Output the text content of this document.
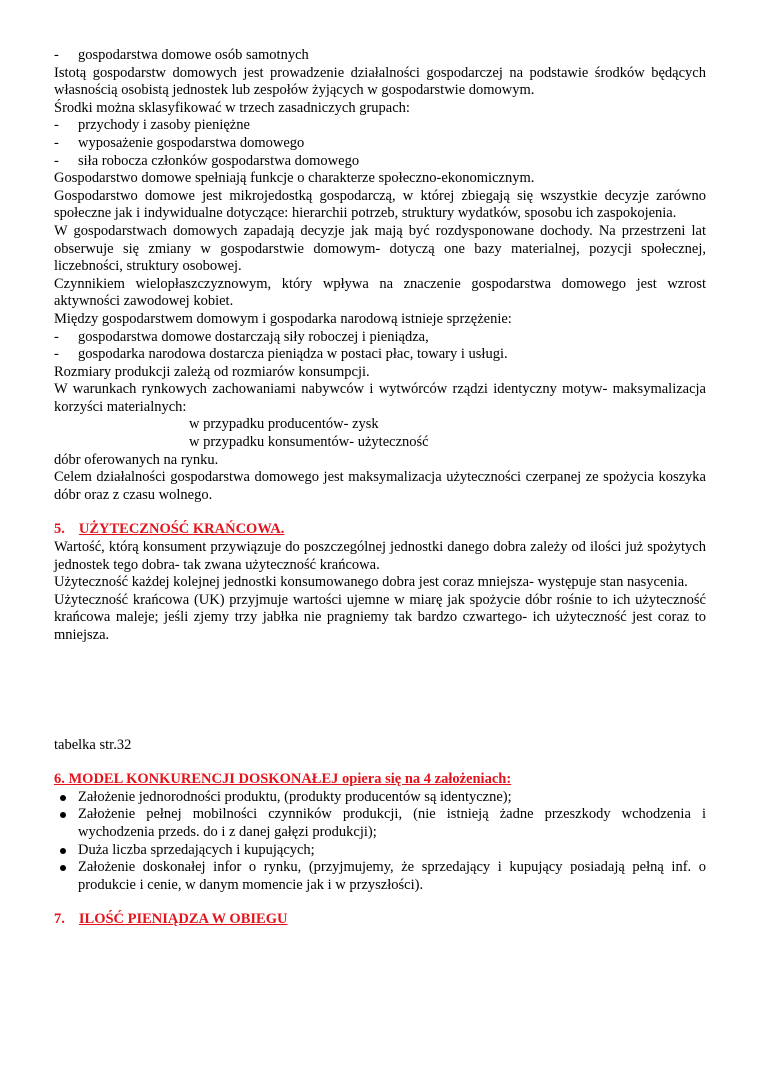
- gospodarstwa domowe osób samotnych

Istotą gospodarstw domowych jest prowadzenie działalności gospodarczej na podstawie środków będących własnością osobistą jednostek lub zespołów żyjących w gospodarstwie domowym.

Środki można sklasyfikować w trzech zasadniczych grupach:

- przychody i zasoby pieniężne

- wyposażenie gospodarstwa domowego

- siła robocza członków gospodarstwa domowego

Gospodarstwo domowe spełniają funkcje o charakterze społeczno-ekonomicznym.

Gospodarstwo domowe jest mikrojedostką gospodarczą, w której zbiegają się wszystkie decyzje zarówno społeczne jak i indywidualne dotyczące: hierarchii potrzeb, struktury wydatków, sposobu ich zaspokojenia.

W gospodarstwach domowych zapadają decyzje jak mają być rozdysponowane dochody. Na przestrzeni lat obserwuje się zmiany w gospodarstwie domowym- dotyczą one bazy materialnej, pozycji społecznej, liczebności, struktury osobowej.

Czynnikiem wielopłaszczyznowym, który wpływa na znaczenie gospodarstwa domowego jest wzrost aktywności zawodowej kobiet.

Między gospodarstwem domowym i gospodarka narodową istnieje sprzężenie:

- gospodarstwa domowe dostarczają siły roboczej i pieniądza,

- gospodarka narodowa dostarcza pieniądza w postaci płac, towary i usługi.

Rozmiary produkcji zależą od rozmiarów konsumpcji.

W warunkach rynkowych zachowaniami nabywców i wytwórców rządzi identyczny motyw- maksymalizacja korzyści materialnych:

w przypadku producentów- zysk

w przypadku konsumentów- użyteczność

dóbr oferowanych na rynku.

Celem działalności gospodarstwa domowego jest maksymalizacja użyteczności czerpanej ze spożycia koszyka dóbr oraz z czasu wolnego.

5. UŻYTECZNOŚĆ KRAŃCOWA.

Wartość, którą konsument przywiązuje do poszczególnej jednostki danego dobra zależy od ilości już spożytych jednostek tego dobra- tak zwana użyteczność krańcowa.

Użyteczność każdej kolejnej jednostki konsumowanego dobra jest coraz mniejsza- występuje stan nasycenia.

Użyteczność krańcowa (UK) przyjmuje wartości ujemne w miarę jak spożycie dóbr rośnie to ich użyteczność krańcowa maleje; jeśli zjemy trzy jabłka nie pragniemy tak bardzo czwartego- ich użyteczność jest coraz to mniejsza.

tabelka str.32

6. MODEL KONKURENCJI DOSKONAŁEJ opiera się na 4 założeniach:

Założenie jednorodności produktu, (produkty producentów są identyczne);

Założenie pełnej mobilności czynników produkcji, (nie istnieją żadne przeszkody wchodzenia i wychodzenia przeds. do i z danej gałęzi produkcji);

Duża liczba sprzedających i kupujących;

Założenie doskonałej infor o rynku, (przyjmujemy, że sprzedający i kupujący posiadają pełną inf. o produkcie i cenie, w danym momencie jak i w przyszłości).

7. ILOŚĆ PIENIĄDZA W OBIEGU
